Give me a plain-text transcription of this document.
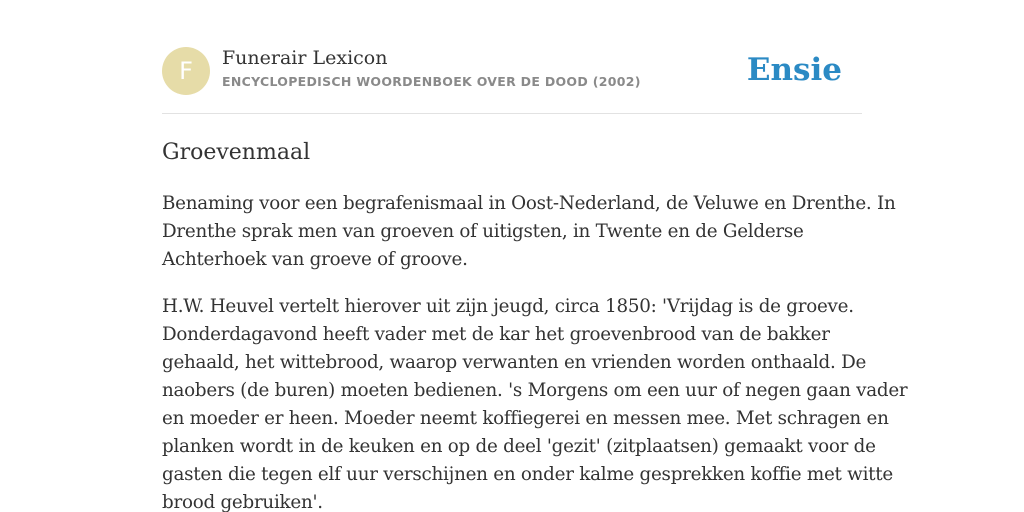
F	Funerair Lexicon
ENCYCLOPEDISCH WOORDENBOEK OVER DE DOOD (2002)	Ensie
Groevenmaal

Benaming voor een begrafenismaal in Oost-Nederland, de Veluwe en Drenthe. In
Drenthe sprak men van groeven of uitigsten, in Twente en de Gelderse
Achterhoek van groeve of groove.

H.W. Heuvel vertelt hierover uit zijn jeugd, circa 1850: 'Vrijdag is de groeve.
Donderdagavond heeft vader met de kar het groevenbrood van de bakker
gehaald, het wittebrood, waarop verwanten en vrienden worden onthaald. De
naobers (de buren) moeten bedienen. 's Morgens om een uur of negen gaan vader
en moeder er heen. Moeder neemt koffiegerei en messen mee. Met schragen en
planken wordt in de keuken en op de deel 'gezit' (zitplaatsen) gemaakt voor de
gasten die tegen elf uur verschijnen en onder kalme gesprekken koffie met witte
brood gebruiken'.
